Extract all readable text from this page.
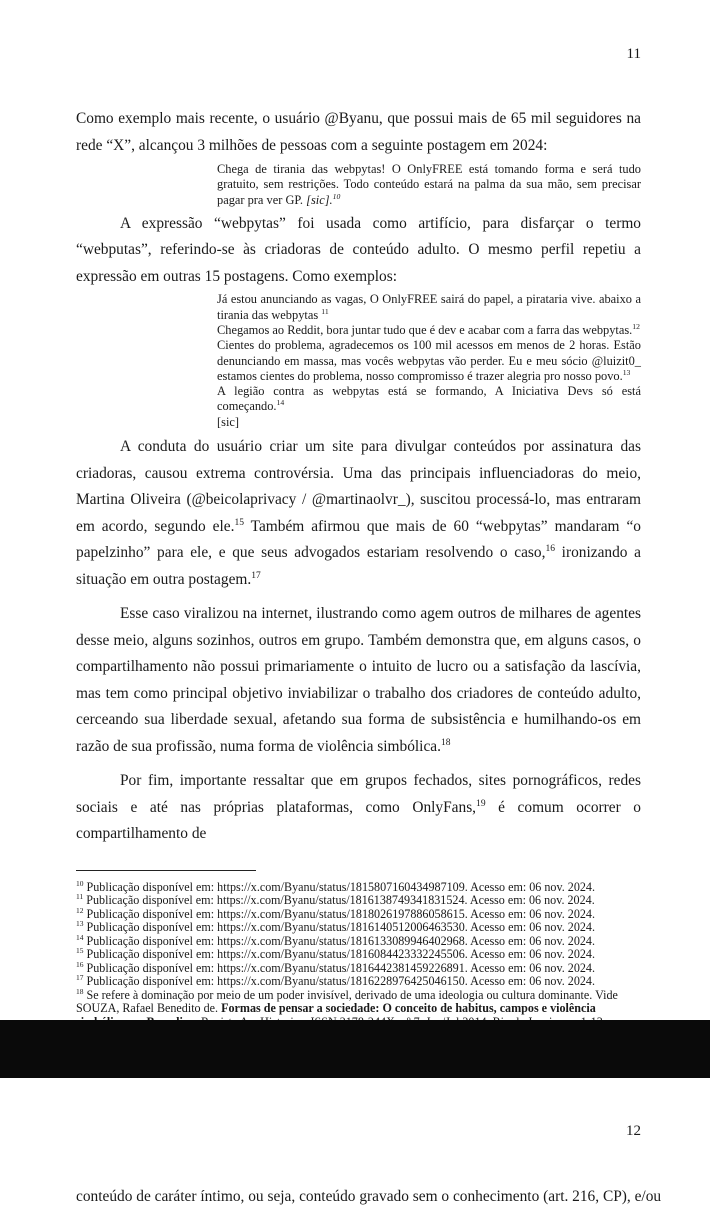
11

Como exemplo mais recente, o usuário @Byanu, que possui mais de 65 mil seguidores na rede “X”, alcançou 3 milhões de pessoas com a seguinte postagem em 2024:

Chega de tirania das webpytas! O OnlyFREE está tomando forma e será tudo gratuito, sem restrições. Todo conteúdo estará na palma da sua mão, sem precisar pagar pra ver GP. [sic].$^{10}$

A expressão “webpytas” foi usada como artifício, para disfarçar o termo “webputas”, referindo-se às criadoras de conteúdo adulto. O mesmo perfil repetiu a expressão em outras 15 postagens. Como exemplos:

Já estou anunciando as vagas, O OnlyFREE sairá do papel, a pirataria vive. abaixo a tirania das webpytas $^{11}$

Chegamos ao Reddit, bora juntar tudo que é dev e acabar com a farra das webpytas.$^{12}$

Cientes do problema, agradecemos os 100 mil acessos em menos de 2 horas. Estão denunciando em massa, mas vocês webpytas vão perder. Eu e meu sócio @luizit0_ estamos cientes do problema, nosso compromisso é trazer alegria pro nosso povo.$^{13}$

A legião contra as webpytas está se formando, A Iniciativa Devs só está começando.$^{14}$

[sic]

A conduta do usuário criar um site para divulgar conteúdos por assinatura das criadoras, causou extrema controvérsia. Uma das principais influenciadoras do meio, Martina Oliveira (@beicolaprivacy / @martinaolvr_), suscitou processá-lo, mas entraram em acordo, segundo ele.$^{15}$ Também afirmou que mais de 60 “webpytas” mandaram “o papelzinho” para ele, e que seus advogados estariam resolvendo o caso,$^{16}$ ironizando a situação em outra postagem.$^{17}$

Esse caso viralizou na internet, ilustrando como agem outros de milhares de agentes desse meio, alguns sozinhos, outros em grupo. Também demonstra que, em alguns casos, o compartilhamento não possui primariamente o intuito de lucro ou a satisfação da lascívia, mas tem como principal objetivo inviabilizar o trabalho dos criadores de conteúdo adulto, cerceando sua liberdade sexual, afetando sua forma de subsistência e humilhando-os em razão de sua profissão, numa forma de violência simbólica.$^{18}$

Por fim, importante ressaltar que em grupos fechados, sites pornográficos, redes sociais e até nas próprias plataformas, como OnlyFans,$^{19}$ é comum ocorrer o compartilhamento de

$^{10}$ Publicação disponível em: https://x.com/Byanu/status/1815807160434987109. Acesso em: 06 nov. 2024.

$^{11}$ Publicação disponível em: https://x.com/Byanu/status/1816138749341831524. Acesso em: 06 nov. 2024.

$^{12}$ Publicação disponível em: https://x.com/Byanu/status/1818026197886058615. Acesso em: 06 nov. 2024.

$^{13}$ Publicação disponível em: https://x.com/Byanu/status/1816140512006463530. Acesso em: 06 nov. 2024.

$^{14}$ Publicação disponível em: https://x.com/Byanu/status/1816133089946402968. Acesso em: 06 nov. 2024.

$^{15}$ Publicação disponível em: https://x.com/Byanu/status/1816084423332245506. Acesso em: 06 nov. 2024.

$^{16}$ Publicação disponível em: https://x.com/Byanu/status/1816442381459226891. Acesso em: 06 nov. 2024.

$^{17}$ Publicação disponível em: https://x.com/Byanu/status/1816228976425046150. Acesso em: 06 nov. 2024.

$^{18}$ Se refere à dominação por meio de um poder invisível, derivado de uma ideologia ou cultura dominante. Vide SOUZA, Rafael Benedito de. Formas de pensar a sociedade: O conceito de habitus, campos e violência

12
conteúdo de caráter íntimo, ou seja, conteúdo gravado sem o conhecimento (art. 216, CP), e/ou
